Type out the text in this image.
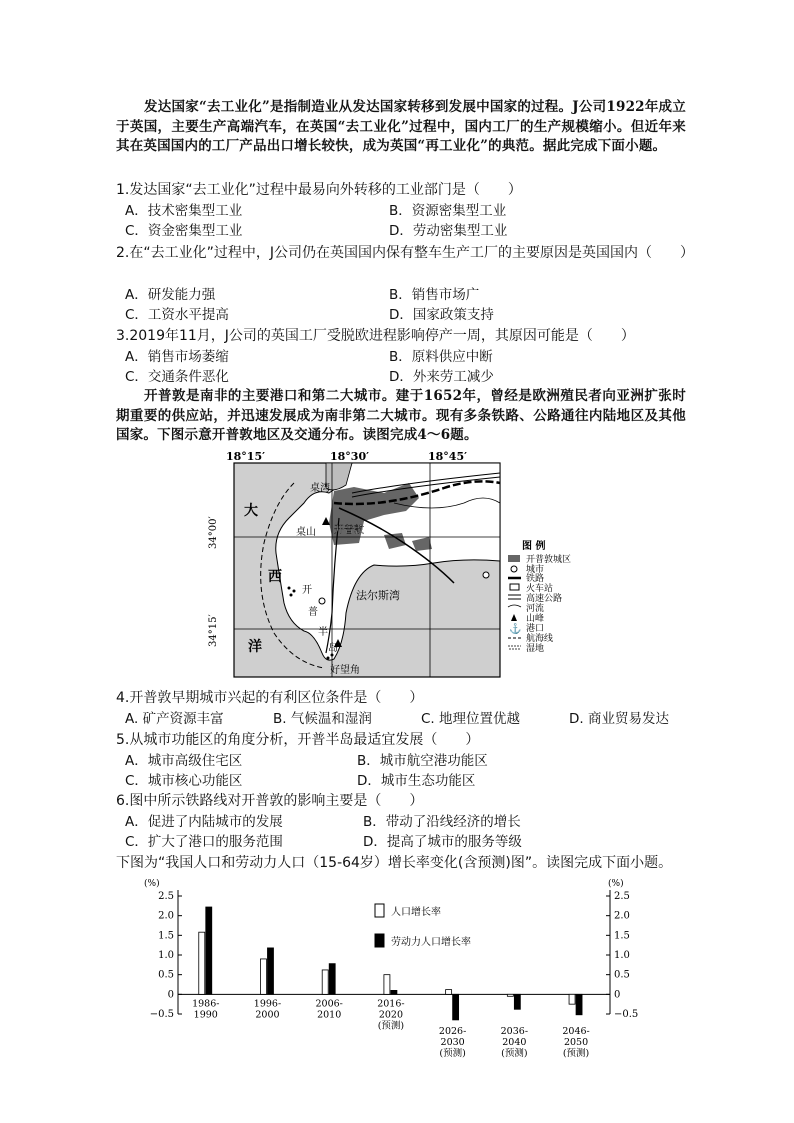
发达国家“去工业化”是指制造业从发达国家转移到发展中国家的过程。J公司1922年成立于英国，主要生产高端汽车，在英国“去工业化”过程中，国内工厂的生产规模缩小。但近年来其在英国国内的工厂产品出口增长较快，成为英国“再工业化”的典范。据此完成下面小题。

1.发达国家“去工业化”过程中最易向外转移的工业部门是（　　）
A．技术密集型工业	B．资源密集型工业
C．资金密集型工业	D．劳动密集型工业
2.在“去工业化”过程中，J公司仍在英国国内保有整车生产工厂的主要原因是英国国内（　　）
A．研发能力强	B．销售市场广
C．工资水平提高	D．国家政策支持
3.2019年11月，J公司的英国工厂受脱欧进程影响停产一周，其原因可能是（　　）
A．销售市场萎缩	B．原料供应中断
C．交通条件恶化	D．外来劳工减少

开普敦是南非的主要港口和第二大城市。建于1652年，曾经是欧洲殖民者向亚洲扩张时期重要的供应站，并迅速发展成为南非第二大城市。现有多条铁路、公路通往内陆地区及其他国家。下图示意开普敦地区及交通分布。读图完成4～6题。

18°15′	18°30′	18°45′
34°00′
34°15′
大
西
洋
桌湾
桌山 开普敦
法尔斯湾
好望角
开
普
半
岛
图 例
开普敦城区
城市
铁路
火车站
高速公路
河流
山峰
⚓ 港口
航海线
湿地
4.开普敦早期城市兴起的有利区位条件是（　　）
A. 矿产资源丰富	B. 气候温和湿润	C. 地理位置优越	D. 商业贸易发达
5.从城市功能区的角度分析，开普半岛最适宜发展（　　）
A．城市高级住宅区	B．城市航空港功能区
C．城市核心功能区	D．城市生态功能区
6.图中所示铁路线对开普敦的影响主要是（　　）
A．促进了内陆城市的发展	B．带动了沿线经济的增长
C．扩大了港口的服务范围	D．提高了城市的服务等级
下图为“我国人口和劳动力人口（15-64岁）增长率变化(含预测)图”。读图完成下面小题。
(%)	(%)
2.5	2.5
2.0	2.0
1.5	1.5
1.0	1.0
0.5	0.5
0	0
−0.5	−0.5
1986-
1990
1996-
2000
2006-
2010
2016-
2020
(预测)
2026-
2030
(预测)
2036-
2040
(预测)
2046-
2050
(预测)
人口增长率
劳动力人口增长率
